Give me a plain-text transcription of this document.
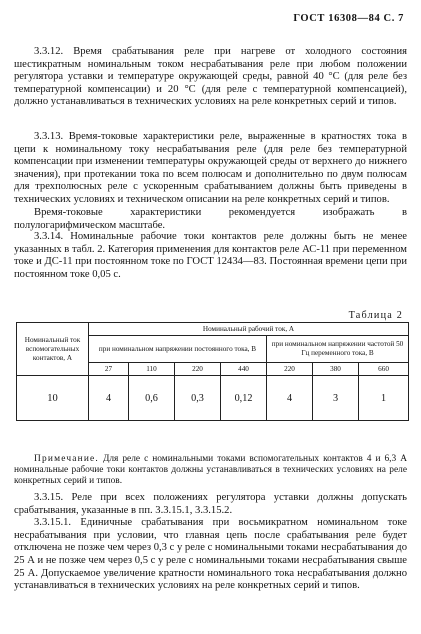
ГОСТ 16308—84 С. 7

3.3.12. Время срабатывания реле при нагреве от холодного состояния шестикратным номинальным током несрабатывания реле при любом положении регулятора уставки и температуре окружающей среды, равной 40 °С (для реле без температурной компенсации) и 20 °С (для реле с температурной компенсацией), должно устанавливаться в технических условиях на реле конкретных серий и типов.

3.3.13. Время-токовые характеристики реле, выраженные в кратностях тока в цепи к номинальному току несрабатывания реле (для реле без температурной компенсации при изменении температуры окружающей среды от верхнего до нижнего значения), при протекании тока по всем полюсам и дополнительно по двум полюсам для трехполюсных реле с ускоренным срабатыванием должны быть приведены в технических условиях и техническом описании на реле конкретных серий и типов.

Время-токовые характеристики рекомендуется изображать в полулогарифмическом масштабе.

3.3.14. Номинальные рабочие токи контактов реле должны быть не менее указанных в табл. 2. Категория применения для контактов реле АС-11 при переменном токе и ДС-11 при постоянном токе по ГОСТ 12434—83. Постоянная времени цепи при постоянном токе 0,05 с.

Таблица 2
Номинальный ток вспомогательных контактов, А	Номинальный рабочий ток, А						
	при номинальном напряжении постоянного тока, В				при номинальном напряжении частотой 50 Гц переменного тока, В		
	27	110	220	440	220	380	660
10	4	0,6	0,3	0,12	4	3	1
Примечание. Для реле с номинальными токами вспомогательных контактов 4 и 6,3 А номинальные рабочие токи контактов должны устанавливаться в технических условиях на реле конкретных серий и типов.

3.3.15. Реле при всех положениях регулятора уставки должны допускать срабатывания, указанные в пп. 3.3.15.1, 3.3.15.2.

3.3.15.1. Единичные срабатывания при восьмикратном номинальном токе несрабатывания при условии, что главная цепь после срабатывания реле будет отключена не позже чем через 0,3 с у реле с номинальными токами несрабатывания до 25 А и не позже чем через 0,5 с у реле с номинальными токами несрабатывания свыше 25 А. Допускаемое увеличение кратности номинального тока несрабатывания должно устанавливаться в технических условиях на реле конкретных серий и типов.
